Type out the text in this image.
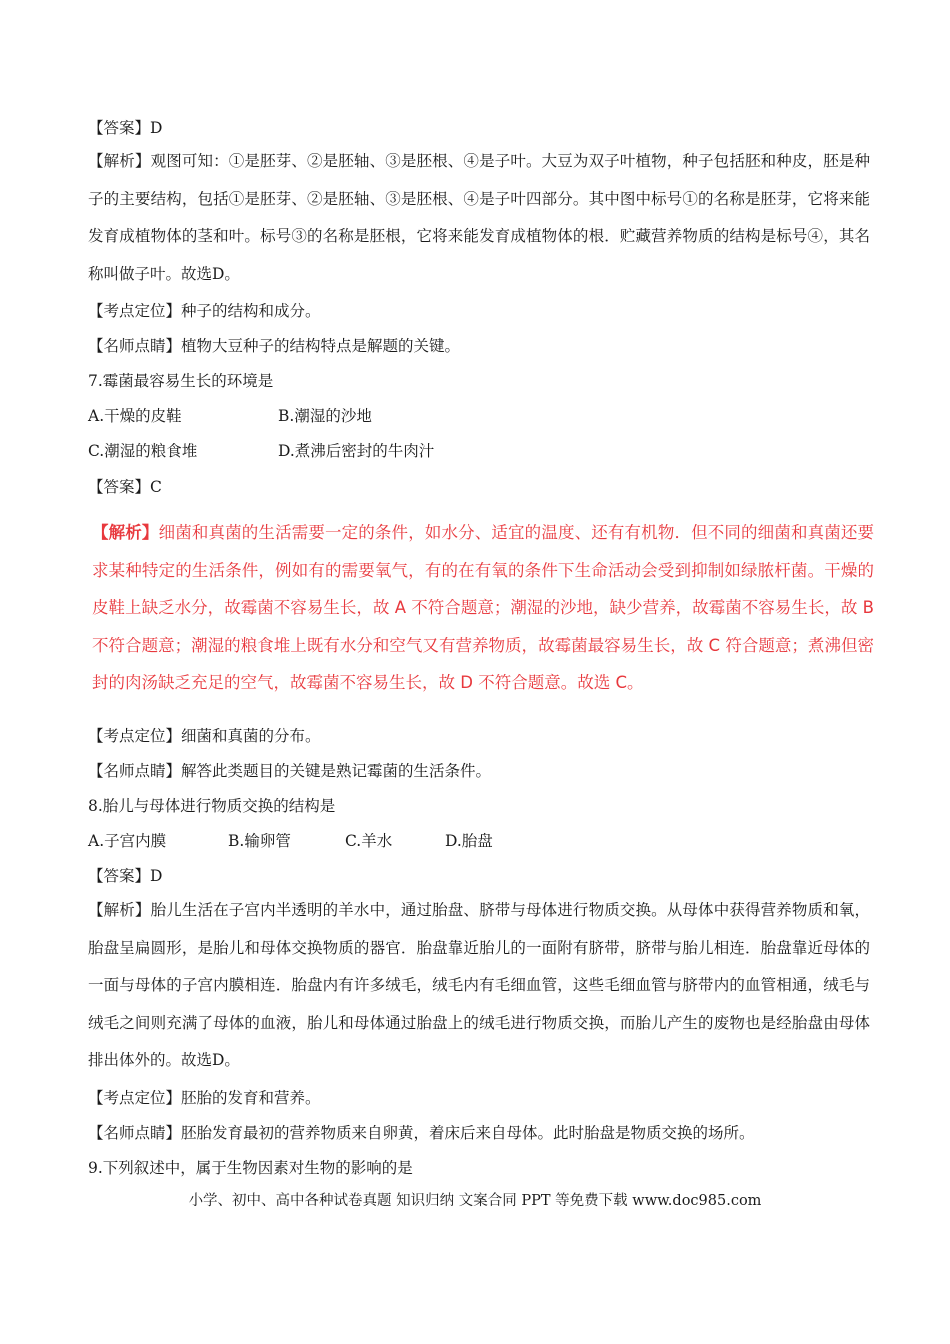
【答案】D
【解析】观图可知：①是胚芽、②是胚轴、③是胚根、④是子叶。大豆为双子叶植物，种子包括胚和种皮，胚是种子的主要结构，包括①是胚芽、②是胚轴、③是胚根、④是子叶四部分。其中图中标号①的名称是胚芽，它将来能发育成植物体的茎和叶。标号③的名称是胚根，它将来能发育成植物体的根．贮藏营养物质的结构是标号④，其名称叫做子叶。故选D。
【考点定位】种子的结构和成分。
【名师点睛】植物大豆种子的结构特点是解题的关键。
7.霉菌最容易生长的环境是
A.干燥的皮鞋	B.潮湿的沙地
C.潮湿的粮食堆	D.煮沸后密封的牛肉汁
【答案】C
【解析】细菌和真菌的生活需要一定的条件，如水分、适宜的温度、还有有机物．但不同的细菌和真菌还要求某种特定的生活条件，例如有的需要氧气，有的在有氧的条件下生命活动会受到抑制如绿脓杆菌。干燥的皮鞋上缺乏水分，故霉菌不容易生长，故 A 不符合题意；潮湿的沙地，缺少营养，故霉菌不容易生长，故 B 不符合题意；潮湿的粮食堆上既有水分和空气又有营养物质，故霉菌最容易生长，故 C 符合题意；煮沸但密封的肉汤缺乏充足的空气，故霉菌不容易生长，故 D 不符合题意。故选 C。
【考点定位】细菌和真菌的分布。
【名师点睛】解答此类题目的关键是熟记霉菌的生活条件。
8.胎儿与母体进行物质交换的结构是
A.子宫内膜	B.输卵管	C.羊水	D.胎盘
【答案】D
【解析】胎儿生活在子宫内半透明的羊水中，通过胎盘、脐带与母体进行物质交换。从母体中获得营养物质和氧，胎盘呈扁圆形，是胎儿和母体交换物质的器官．胎盘靠近胎儿的一面附有脐带，脐带与胎儿相连．胎盘靠近母体的一面与母体的子宫内膜相连．胎盘内有许多绒毛，绒毛内有毛细血管，这些毛细血管与脐带内的血管相通，绒毛与绒毛之间则充满了母体的血液，胎儿和母体通过胎盘上的绒毛进行物质交换，而胎儿产生的废物也是经胎盘由母体排出体外的。故选D。
【考点定位】胚胎的发育和营养。
【名师点睛】胚胎发育最初的营养物质来自卵黄，着床后来自母体。此时胎盘是物质交换的场所。
9.下列叙述中，属于生物因素对生物的影响的是
小学、初中、高中各种试卷真题 知识归纳 文案合同 PPT 等免费下载 www.doc985.com
